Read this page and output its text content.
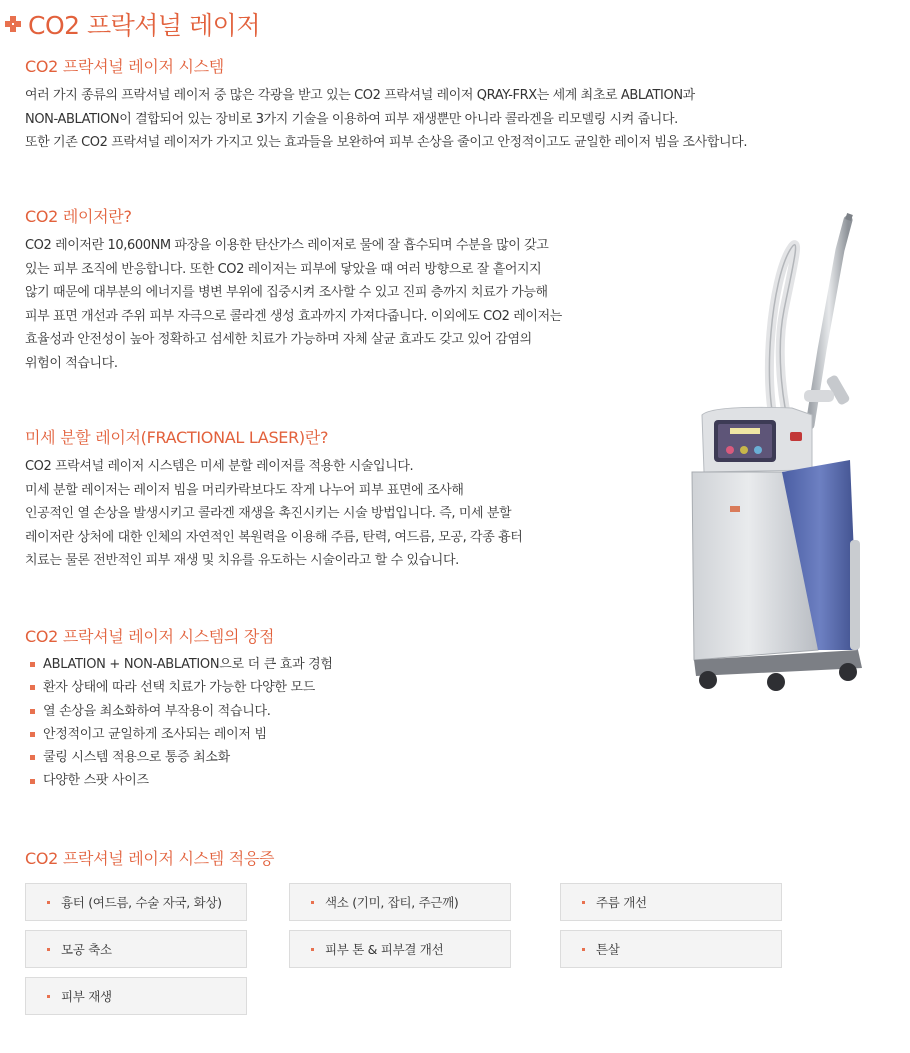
CO2 프락셔널 레이저
CO2 프락셔널 레이저 시스템

여러 가지 종류의 프락셔널 레이저 중 많은 각광을 받고 있는 CO2 프락셔널 레이저 QRAY-FRX는 세계 최초로 ABLATION과

NON-ABLATION이 결합되어 있는 장비로 3가지 기술을 이용하여 피부 재생뿐만 아니라 콜라겐을 리모델링 시켜 줍니다.

또한 기존 CO2 프락셔널 레이저가 가지고 있는 효과들을 보완하여 피부 손상을 줄이고 안정적이고도 균일한 레이저 빔을 조사합니다.

CO2 레이저란?

CO2 레이저란 10,600NM 파장을 이용한 탄산가스 레이저로 물에 잘 흡수되며 수분을 많이 갖고

있는 피부 조직에 반응합니다. 또한 CO2 레이저는 피부에 닿았을 때 여러 방향으로 잘 흩어지지

않기 때문에 대부분의 에너지를 병변 부위에 집중시켜 조사할 수 있고 진피 층까지 치료가 가능해

피부 표면 개선과 주위 피부 자극으로 콜라겐 생성 효과까지 가져다줍니다. 이외에도 CO2 레이저는

효율성과 안전성이 높아 정확하고 섬세한 치료가 가능하며 자체 살균 효과도 갖고 있어 감염의

위험이 적습니다.

미세 분할 레이저(FRACTIONAL LASER)란?

CO2 프락셔널 레이저 시스템은 미세 분할 레이저를 적용한 시술입니다.

미세 분할 레이저는 레이저 빔을 머리카락보다도 작게 나누어 피부 표면에 조사해

인공적인 열 손상을 발생시키고 콜라겐 재생을 촉진시키는 시술 방법입니다. 즉, 미세 분할

레이저란 상처에 대한 인체의 자연적인 복원력을 이용해 주름, 탄력, 여드름, 모공, 각종 흉터

치료는 물론 전반적인 피부 재생 및 치유를 유도하는 시술이라고 할 수 있습니다.

CO2 프락셔널 레이저 시스템의 장점
ABLATION + NON-ABLATION으로 더 큰 효과 경험
환자 상태에 따라 선택 치료가 가능한 다양한 모드
열 손상을 최소화하여 부작용이 적습니다.
안정적이고 균일하게 조사되는 레이저 빔
쿨링 시스템 적용으로 통증 최소화
다양한 스팟 사이즈
CO2 프락셔널 레이저 시스템 적응증
흉터 (여드름, 수술 자국, 화상)	색소 (기미, 잡티, 주근깨)	주름 개선
모공 축소	피부 톤 & 피부결 개선	튼살
피부 재생
